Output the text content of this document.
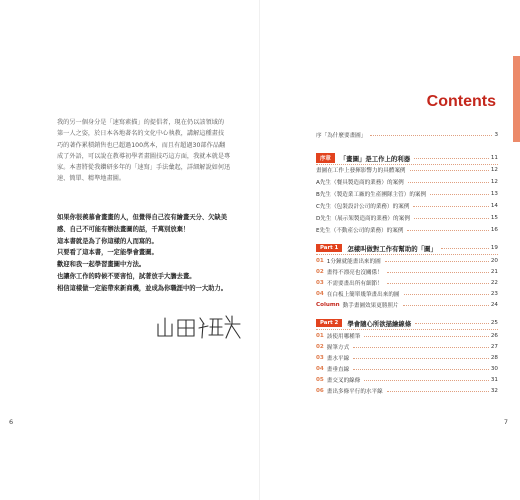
我的另一個身分是「速寫素描」的提倡者，現在仍以該領域的

第一人之姿，於日本各地著名的文化中心執教，講解這種畫技

巧的著作累積銷售也已超過100萬本，而且有超過30部作品翻

成了外語，可以說在教導初學者畫圖技巧這方面，我就本就是專

家。本書將從我鑽研多年的「速寫」手法彙起，詳細解說如何迅

速、簡單、精準地畫圖。

如果你很羨慕會畫畫的人，但覺得自己沒有繪畫天分、欠缺美
感、自己不可能有辦法畫圖的話，千萬別放棄！
這本書就是為了你這樣的人而寫的。
只要看了這本書，一定能學會畫圖。
歡迎和我一起學習畫圖中方法。
也讓你工作的時候不要害怕，試著放手大膽去畫。
相信這樣做一定能帶來新商機，並成為你職涯中的一大助力。
6	7
Contents
序「為什麼要畫圖」	3
序章	「畫圖」是工作上的利器	11
畫圖在工作上發揮影響力的具體案例	12
A先生（餐具製造商的業務）的案例	12
B先生（製造業工廠的生產團隊主管）的案例	13
C先生（包裝設計公司的業務）的案例	14
D先生（展示架製造商的業務）的案例	15
E先生（不動產公司的業務）的案例	16
Part 1	怎樣叫做對工作有幫助的「圖」	19
01 1分鐘就能畫出來的圖	20
02 畫得不漂亮也沒關係！	21
03 不需要畫出所有細節！	22
04 在白板上簡單幾筆畫出來的圖	23
Column 動手畫圖效果更勝照片	24
Part 2	學會隨心所欲描繪線條	25
01 該使用哪種筆	26
02 握筆方式	27
03 畫水平線	28
04 畫垂直線	30
05 畫交叉的線條	31
06 畫出多條平行的水平線	32
